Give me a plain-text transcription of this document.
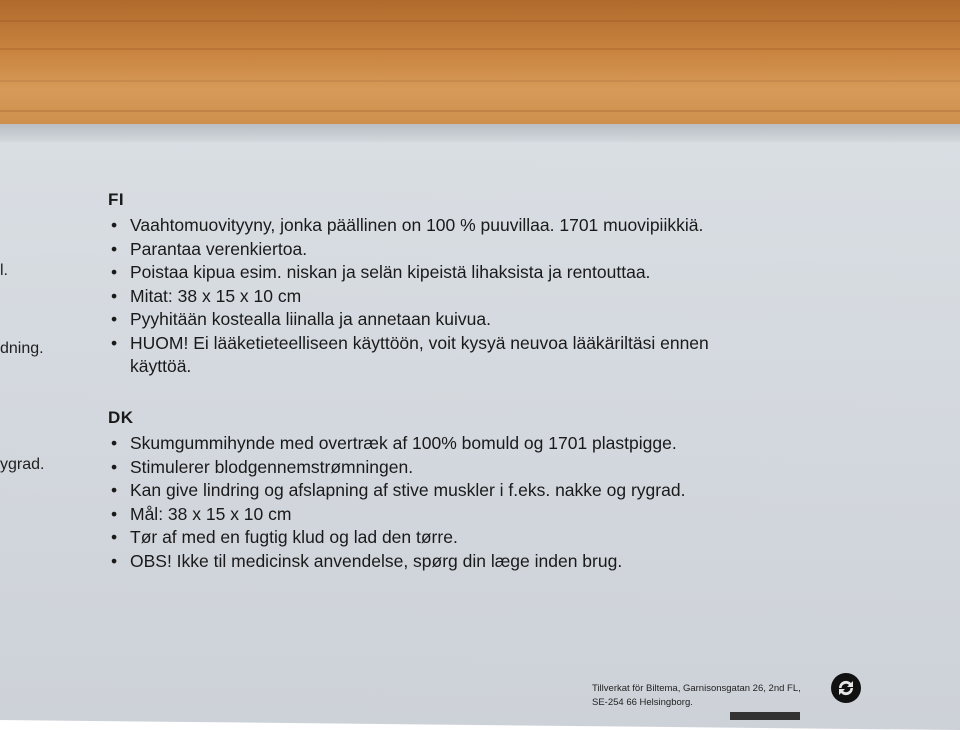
l.
dning.
ygrad.
FI
• Vaahtomuovityyny, jonka päällinen on 100 % puuvillaa. 1701 muovipiikkiä.
• Parantaa verenkiertoa.
• Poistaa kipua esim. niskan ja selän kipeistä lihaksista ja rentouttaa.
• Mitat: 38 x 15 x 10 cm
• Pyyhitään kostealla liinalla ja annetaan kuivua.
• HUOM! Ei lääketieteelliseen käyttöön, voit kysyä neuvoa lääkäriltäsi ennen
käyttöä.
DK
• Skumgummihynde med overtræk af 100% bomuld og 1701 plastpigge.
• Stimulerer blodgennemstrømningen.
• Kan give lindring og afslapning af stive muskler i f.eks. nakke og rygrad.
• Mål: 38 x 15 x 10 cm
• Tør af med en fugtig klud og lad den tørre.
• OBS! Ikke til medicinsk anvendelse, spørg din læge inden brug.
Tillverkat för Biltema, Garnisonsgatan 26, 2nd FL,
SE-254 66 Helsingborg.
